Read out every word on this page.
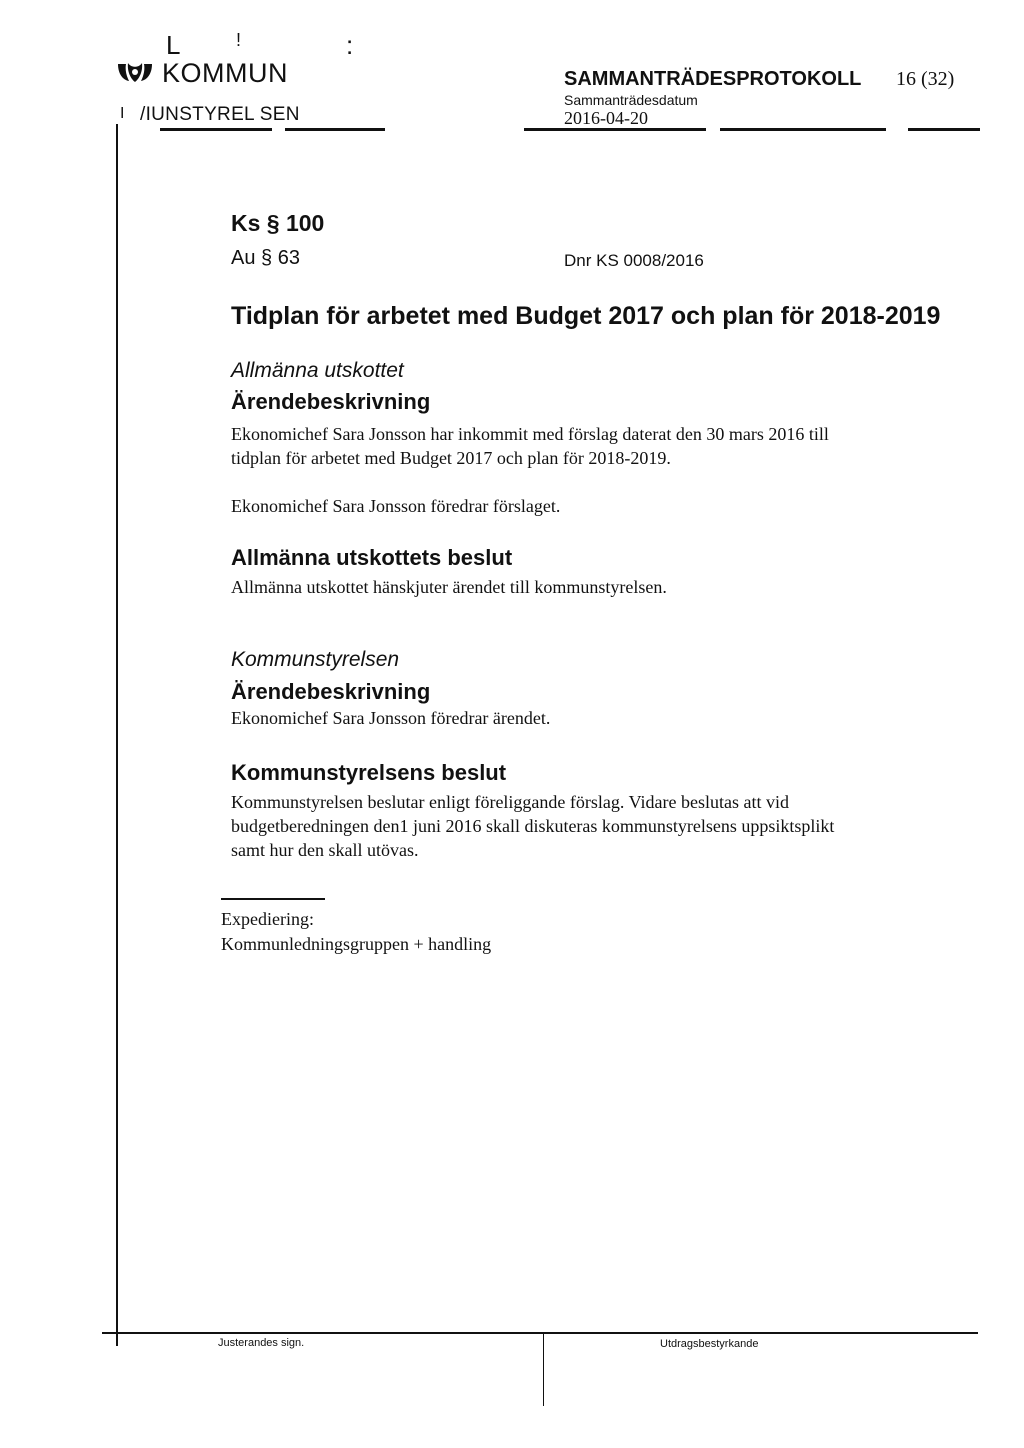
L	!	:
KOMMUN
I /IUNSTYREL SEN
SAMMANTRÄDESPROTOKOLL
Sammanträdesdatum
2016-04-20
16 (32)
Ks § 100
Au § 63	Dnr KS 0008/2016
Tidplan för arbetet med Budget 2017 och plan för 2018-2019
Allmänna utskottet
Ärendebeskrivning
Ekonomichef Sara Jonsson har inkommit med förslag daterat den 30 mars 2016 till
tidplan för arbetet med Budget 2017 och plan för 2018-2019.
Ekonomichef Sara Jonsson föredrar förslaget.
Allmänna utskottets beslut
Allmänna utskottet hänskjuter ärendet till kommunstyrelsen.
Kommunstyrelsen
Ärendebeskrivning
Ekonomichef Sara Jonsson föredrar ärendet.
Kommunstyrelsens beslut
Kommunstyrelsen beslutar enligt föreliggande förslag. Vidare beslutas att vid
budgetberedningen den1 juni 2016 skall diskuteras kommunstyrelsens uppsiktsplikt
samt hur den skall utövas.
Expediering:
Kommunledningsgruppen + handling
Justerandes sign.	Utdragsbestyrkande
